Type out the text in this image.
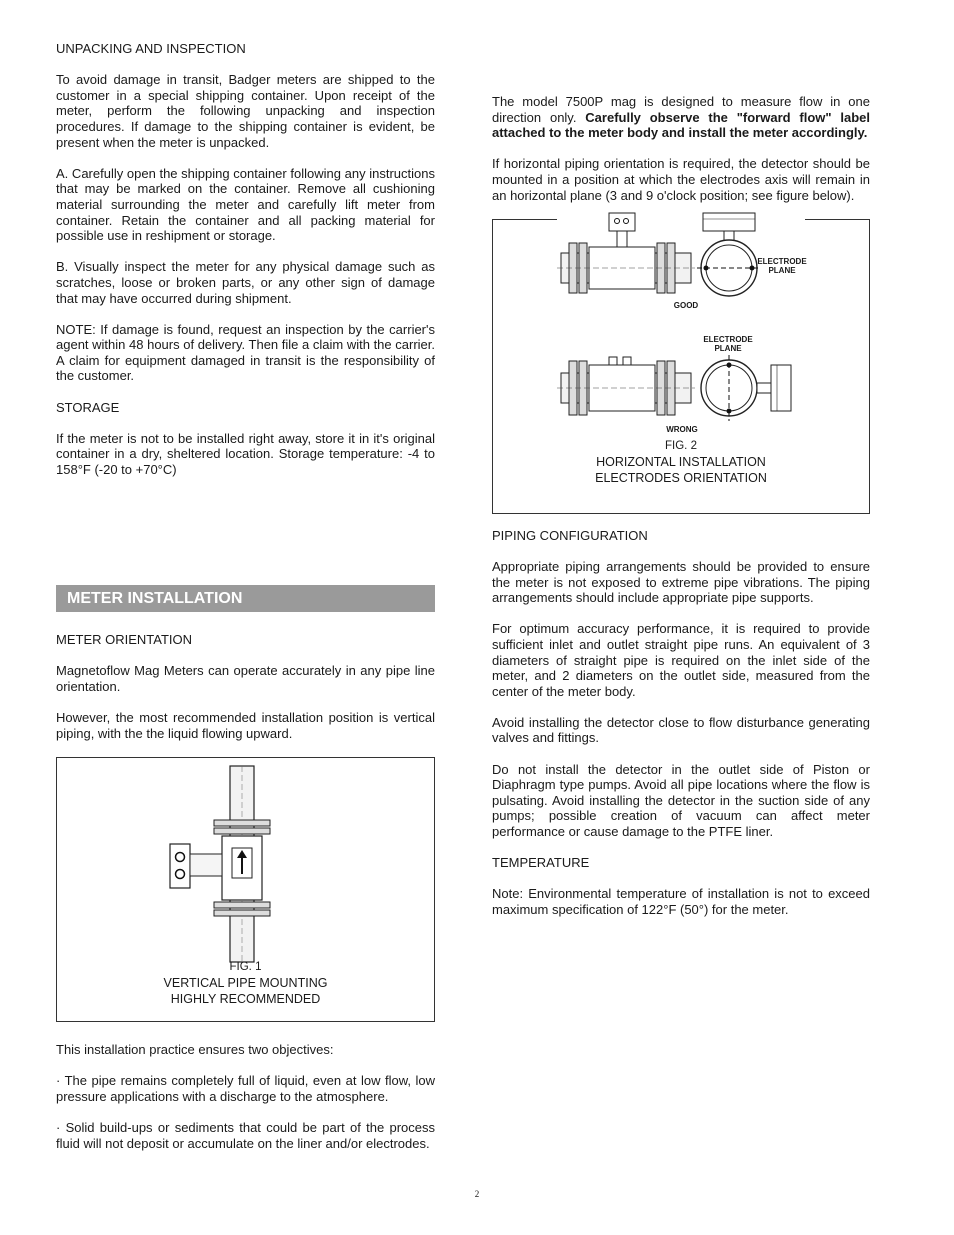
UNPACKING AND INSPECTION

To avoid damage in transit, Badger meters are shipped to the customer in a special shipping container. Upon receipt of the meter, perform the following unpacking and inspection procedures. If damage to the shipping container is evident, be present when the meter is unpacked.

A. Carefully open the shipping container following any instructions that may be marked on the container. Remove all cushioning material surrounding the meter and carefully lift meter from container. Retain the container and all packing material for possible use in reshipment or storage.

B. Visually inspect the meter for any physical damage such as scratches, loose or broken parts, or any other sign of damage that may have occurred during shipment.

NOTE: If damage is found, request an inspection by the carrier's agent within 48 hours of delivery. Then file a claim with the carrier. A claim for equipment damaged in transit is the responsibility of the customer.

STORAGE

If the meter is not to be installed right away, store it in it's original container in a dry, sheltered location. Storage temperature: -4 to 158°F (-20 to +70°C)

METER INSTALLATION

METER ORIENTATION

Magnetoflow Mag Meters can operate accurately in any pipe line orientation.

However, the most recommended installation position is vertical piping, with the the liquid flowing upward.

FIG. 1
VERTICAL PIPE MOUNTING
HIGHLY RECOMMENDED

This installation practice ensures two objectives:

· The pipe remains completely full of liquid, even at low flow, low pressure applications with a discharge to the atmosphere.

· Solid build-ups or sediments that could be part of the process fluid will not deposit or accumulate on the liner and/or electrodes.

The model 7500P mag is designed to measure flow in one direction only. Carefully observe the "forward flow" label attached to the meter body and install the meter accordingly.

If horizontal piping orientation is required, the detector should be mounted in a position at which the electrodes axis will remain in an horizontal plane (3 and 9 o'clock position; see figure below).

ELECTRODE PLANE
GOOD
ELECTRODE PLANE
WRONG
FIG. 2
HORIZONTAL INSTALLATION
ELECTRODES ORIENTATION

PIPING CONFIGURATION

Appropriate piping arrangements should be provided to ensure the meter is not exposed to extreme pipe vibrations. The piping arrangements should include appropriate pipe supports.

For optimum accuracy performance, it is required to provide sufficient inlet and outlet straight pipe runs. An equivalent of 3 diameters of straight pipe is required on the inlet side of the meter, and 2 diameters on the outlet side, measured from the center of the meter body.

Avoid installing the detector close to flow disturbance generating valves and fittings.

Do not install the detector in the outlet side of Piston or Diaphragm type pumps. Avoid all pipe locations where the flow is pulsating. Avoid installing the detector in the suction side of any pumps; possible creation of vacuum can affect meter performance or cause damage to the PTFE liner.

TEMPERATURE

Note: Environmental temperature of installation is not to exceed maximum specification of 122°F (50°) for the meter.

2
